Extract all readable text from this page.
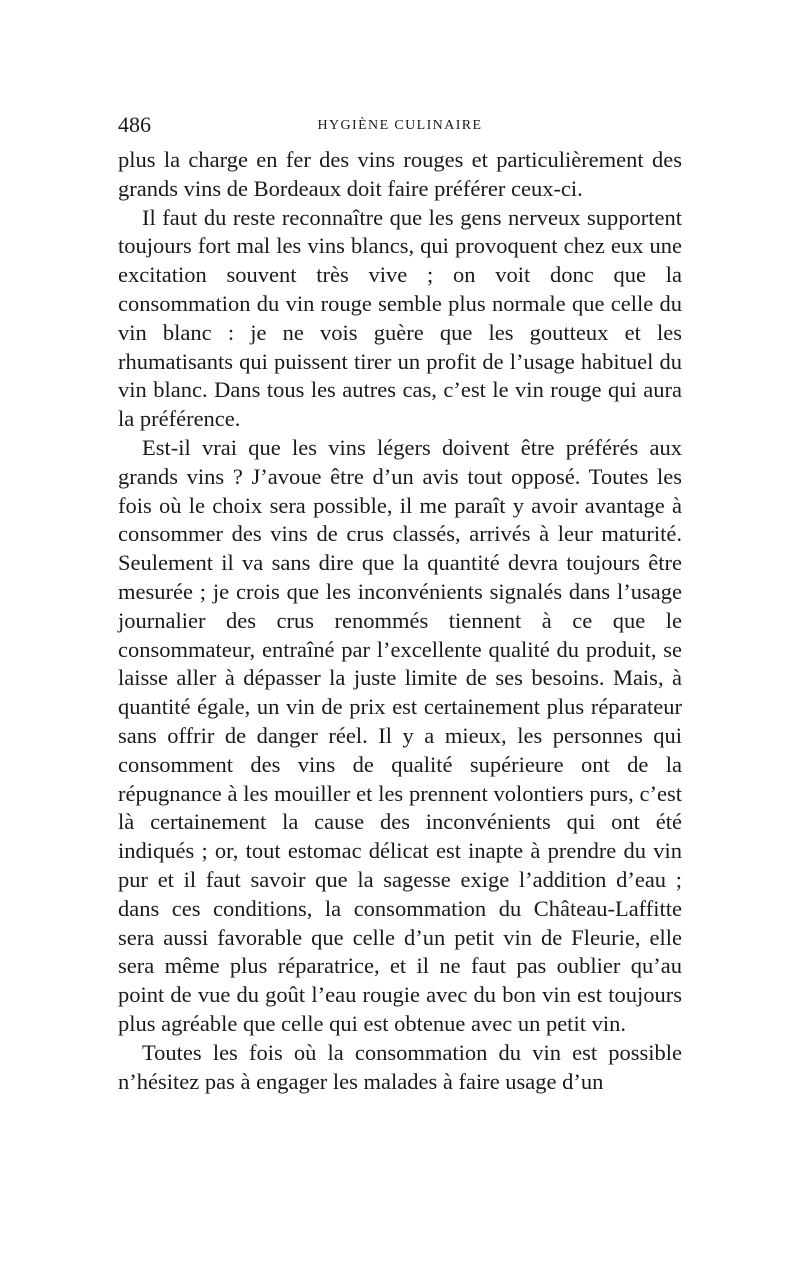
486	HYGIÈNE CULINAIRE

plus la charge en fer des vins rouges et particulièrement des grands vins de Bordeaux doit faire préférer ceux-ci.

Il faut du reste reconnaître que les gens nerveux supportent toujours fort mal les vins blancs, qui provoquent chez eux une excitation souvent très vive ; on voit donc que la consommation du vin rouge semble plus normale que celle du vin blanc : je ne vois guère que les goutteux et les rhumatisants qui puissent tirer un profit de l’usage habituel du vin blanc. Dans tous les autres cas, c’est le vin rouge qui aura la préférence.

Est-il vrai que les vins légers doivent être préférés aux grands vins ? J’avoue être d’un avis tout opposé. Toutes les fois où le choix sera possible, il me paraît y avoir avantage à consommer des vins de crus classés, arrivés à leur maturité. Seulement il va sans dire que la quantité devra toujours être mesurée ; je crois que les inconvénients signalés dans l’usage journalier des crus renommés tiennent à ce que le consommateur, entraîné par l’excellente qualité du produit, se laisse aller à dépasser la juste limite de ses besoins. Mais, à quantité égale, un vin de prix est certainement plus réparateur sans offrir de danger réel. Il y a mieux, les personnes qui consomment des vins de qualité supérieure ont de la répugnance à les mouiller et les prennent volontiers purs, c’est là certainement la cause des inconvénients qui ont été indiqués ; or, tout estomac délicat est inapte à prendre du vin pur et il faut savoir que la sagesse exige l’addition d’eau ; dans ces conditions, la consommation du Château-Laffitte sera aussi favorable que celle d’un petit vin de Fleurie, elle sera même plus réparatrice, et il ne faut pas oublier qu’au point de vue du goût l’eau rougie avec du bon vin est toujours plus agréable que celle qui est obtenue avec un petit vin.

Toutes les fois où la consommation du vin est possible n’hésitez pas à engager les malades à faire usage d’un
